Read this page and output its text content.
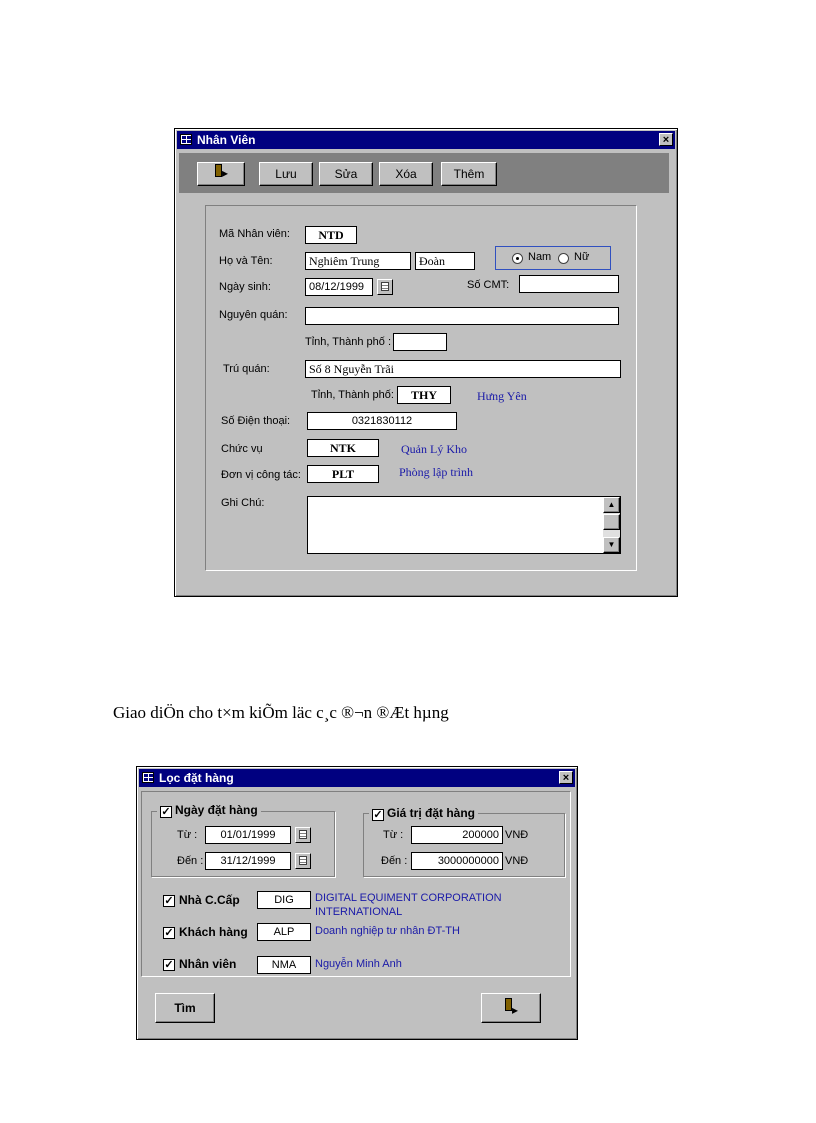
Nhân Viên	×
▸
Lưu	Sửa	Xóa	Thêm
Mã Nhân viên:	NTD
Họ và Tên:	Nghiêm Trung	Đoàn	Nam Nữ
Ngày sinh:	08/12/1999	Số CMT:
Nguyên quán:
Tỉnh, Thành phố :
Trú quán:	Số 8 Nguyễn Trãi
Tỉnh, Thành phố:	THY	Hưng Yên
Số Điện thoại:	0321830112
Chức vụ	NTK	Quản Lý Kho
Đơn vị công tác:	PLT	Phòng lập trình
Ghi Chú:	▲
▼
Giao diÖn cho t×m kiÕm läc c¸c ®¬n ®Æt hµng
Lọc đặt hàng	×
✓ Ngày đặt hàng
Từ :	01/01/1999
Đến :	31/12/1999
✓ Giá trị đặt hàng
Từ :	200000 VNĐ
Đến :	3000000000 VNĐ
✓ Nhà C.Cấp	DIG	DIGITAL EQUIMENT CORPORATION
INTERNATIONAL
✓ Khách hàng	ALP	Doanh nghiệp tư nhân ĐT-TH
✓ Nhân viên	NMA	Nguyễn Minh Anh
Tìm
▸
